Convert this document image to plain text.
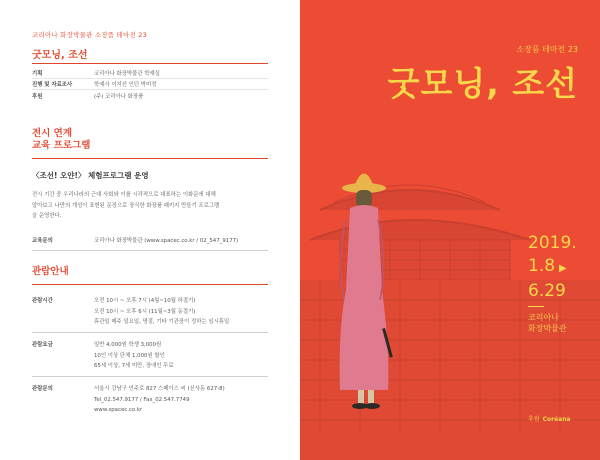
코리아나 화장박물관 소장품 테마전 23
굿모닝, 조선
기획	코리아나 화장박물관 학예실
진행 및 자료조사	학예사 이지선 인턴 박미정
후원	(주) 코리아나 화장품
전시 연계
교육 프로그램
〈조선! 오얀!〉 체험프로그램 운영
전시 기간 중 우리나라의 근대 사회와 이를 시각적으로 대표하는 이화문에 대해
알아보고 나만의 개성이 표현된 문장으로 장식한 화장품 패키지 만들기 프로그램
을 운영한다.
교육문의	코리아나 화장박물관 (www.spacec.co.kr / 02_547_9177)
관람안내
관람시간	오전 10시 ~ 오후 7시 (4월~10월 하절기)
오전 10시 ~ 오후 6시 (11월~3월 동절기)
휴관일 매주 일요일, 명절, 기타 기관장이 정하는 임시휴일
관람요금	일반 4,000원 학생 3,000원
10인 이상 단체 1,000원 할인
65세 이상, 7세 미만, 장애인 무료
관람문의	서울시 강남구 언주로 827 스페이스 씨 (신사동 627-8)
Tel_02.547.9177 / Fax_02.547.7749
www.spacec.co.kr
소장품 테마전 23
굿모닝, 조선
2019.
1.8 ▶
6.29
코리아나
화장박물관
후원 Coréana
